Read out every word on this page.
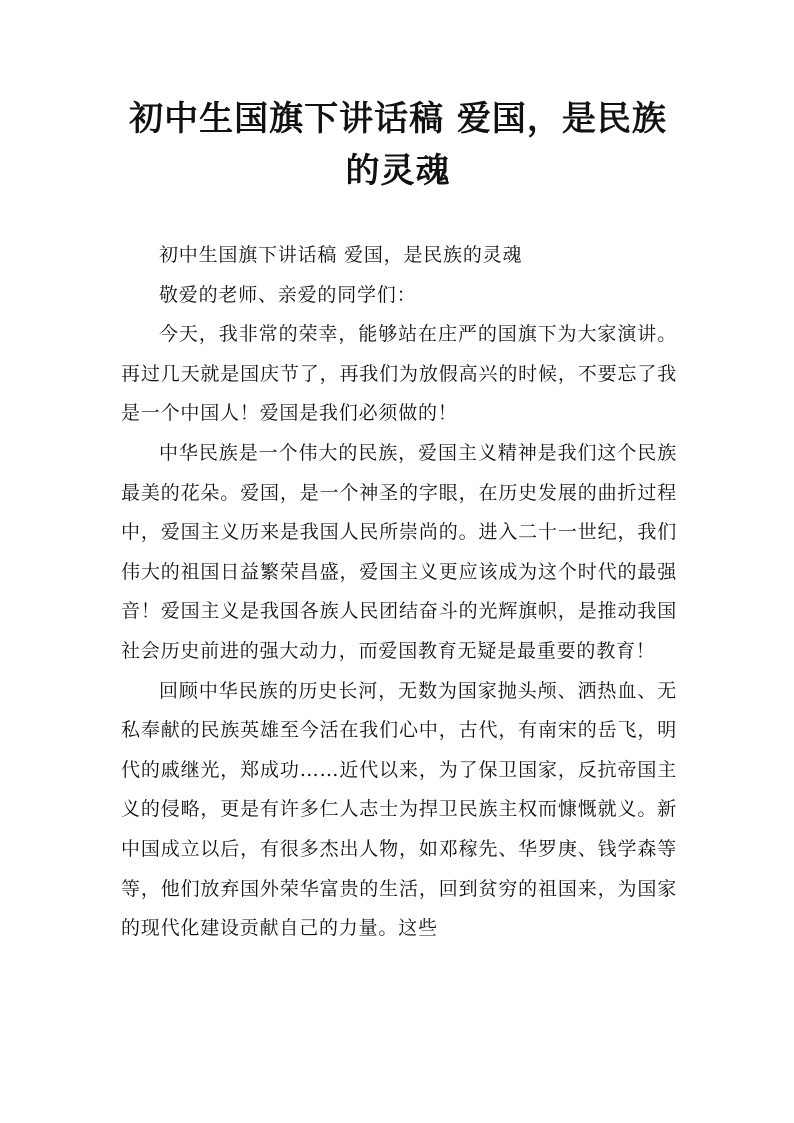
初中生国旗下讲话稿 爱国，是民族的灵魂

初中生国旗下讲话稿 爱国，是民族的灵魂

敬爱的老师、亲爱的同学们：

今天，我非常的荣幸，能够站在庄严的国旗下为大家演讲。再过几天就是国庆节了，再我们为放假高兴的时候，不要忘了我是一个中国人！爱国是我们必须做的！

中华民族是一个伟大的民族，爱国主义精神是我们这个民族最美的花朵。爱国，是一个神圣的字眼，在历史发展的曲折过程中，爱国主义历来是我国人民所崇尚的。进入二十一世纪，我们伟大的祖国日益繁荣昌盛，爱国主义更应该成为这个时代的最强音！爱国主义是我国各族人民团结奋斗的光辉旗帜，是推动我国社会历史前进的强大动力，而爱国教育无疑是最重要的教育！

回顾中华民族的历史长河，无数为国家抛头颅、洒热血、无私奉献的民族英雄至今活在我们心中，古代，有南宋的岳飞，明代的戚继光，郑成功……近代以来，为了保卫国家，反抗帝国主义的侵略，更是有许多仁人志士为捍卫民族主权而慷慨就义。新中国成立以后，有很多杰出人物，如邓稼先、华罗庚、钱学森等等，他们放弃国外荣华富贵的生活，回到贫穷的祖国来，为国家的现代化建设贡献自己的力量。这些
